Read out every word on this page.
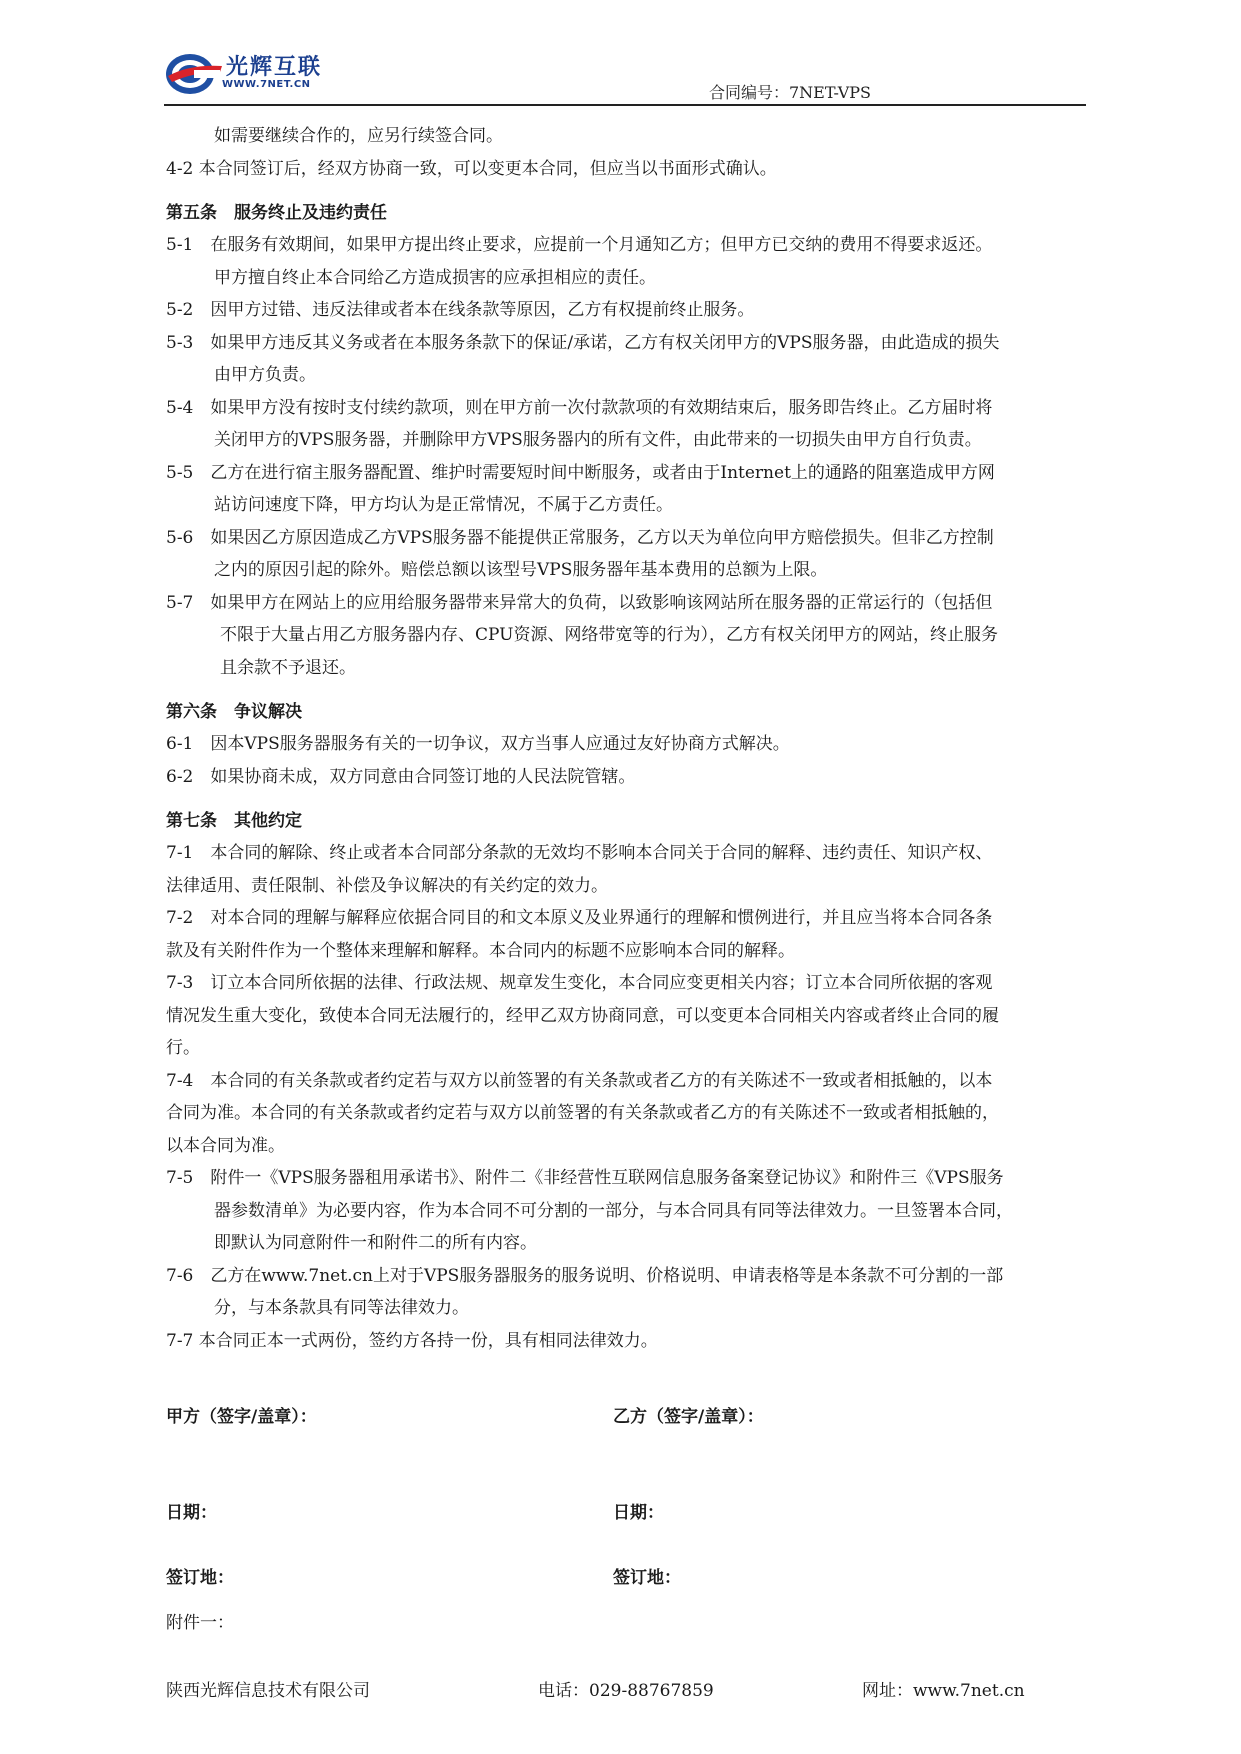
光辉互联
WWW.7NET.CN	合同编号：7NET-VPS
如需要继续合作的，应另行续签合同。
4-2 本合同签订后，经双方协商一致，可以变更本合同，但应当以书面形式确认。
第五条　服务终止及违约责任
5-1　在服务有效期间，如果甲方提出终止要求，应提前一个月通知乙方；但甲方已交纳的费用不得要求返还。
甲方擅自终止本合同给乙方造成损害的应承担相应的责任。
5-2　因甲方过错、违反法律或者本在线条款等原因，乙方有权提前终止服务。
5-3　如果甲方违反其义务或者在本服务条款下的保证/承诺，乙方有权关闭甲方的VPS服务器，由此造成的损失
由甲方负责。
5-4　如果甲方没有按时支付续约款项，则在甲方前一次付款款项的有效期结束后，服务即告终止。乙方届时将
关闭甲方的VPS服务器，并删除甲方VPS服务器内的所有文件，由此带来的一切损失由甲方自行负责。
5-5　乙方在进行宿主服务器配置、维护时需要短时间中断服务，或者由于Internet上的通路的阻塞造成甲方网
站访问速度下降，甲方均认为是正常情况，不属于乙方责任。
5-6　如果因乙方原因造成乙方VPS服务器不能提供正常服务，乙方以天为单位向甲方赔偿损失。但非乙方控制
之内的原因引起的除外。赔偿总额以该型号VPS服务器年基本费用的总额为上限。
5-7　如果甲方在网站上的应用给服务器带来异常大的负荷，以致影响该网站所在服务器的正常运行的（包括但
不限于大量占用乙方服务器内存、CPU资源、网络带宽等的行为），乙方有权关闭甲方的网站，终止服务
且余款不予退还。
第六条　争议解决
6-1　因本VPS服务器服务有关的一切争议，双方当事人应通过友好协商方式解决。
6-2　如果协商未成，双方同意由合同签订地的人民法院管辖。
第七条　其他约定
7-1　本合同的解除、终止或者本合同部分条款的无效均不影响本合同关于合同的解释、违约责任、知识产权、
法律适用、责任限制、补偿及争议解决的有关约定的效力。
7-2　对本合同的理解与解释应依据合同目的和文本原义及业界通行的理解和惯例进行，并且应当将本合同各条
款及有关附件作为一个整体来理解和解释。本合同内的标题不应影响本合同的解释。
7-3　订立本合同所依据的法律、行政法规、规章发生变化，本合同应变更相关内容；订立本合同所依据的客观
情况发生重大变化，致使本合同无法履行的，经甲乙双方协商同意，可以变更本合同相关内容或者终止合同的履
行。
7-4　本合同的有关条款或者约定若与双方以前签署的有关条款或者乙方的有关陈述不一致或者相抵触的，以本
合同为准。本合同的有关条款或者约定若与双方以前签署的有关条款或者乙方的有关陈述不一致或者相抵触的，
以本合同为准。
7-5　附件一《VPS服务器租用承诺书》、附件二《非经营性互联网信息服务备案登记协议》和附件三《VPS服务
器参数清单》为必要内容，作为本合同不可分割的一部分，与本合同具有同等法律效力。一旦签署本合同，
即默认为同意附件一和附件二的所有内容。
7-6　乙方在www.7net.cn上对于VPS服务器服务的服务说明、价格说明、申请表格等是本条款不可分割的一部
分，与本条款具有同等法律效力。
7-7 本合同正本一式两份，签约方各持一份，具有相同法律效力。
甲方（签字/盖章）：	乙方（签字/盖章）：
日期：	日期：
签订地：	签订地：
附件一：
陕西光辉信息技术有限公司	电话：029-88767859	网址：www.7net.cn
